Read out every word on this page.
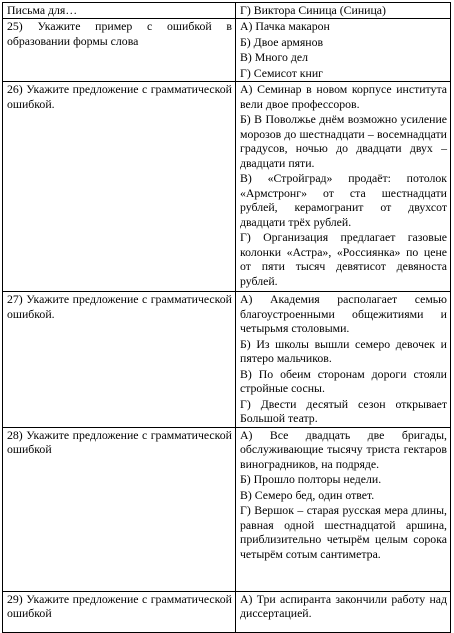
Письма для…	Г) Виктора Синица (Синица)
25) Укажите пример с ошибкой в образовании формы слова	А) Пачка макарон
Б) Двое армянов
В) Много дел
Г) Семисот книг

26) Укажите предложение с грамматической ошибкой.	А) Семинар в новом корпусе института вели двое профессоров.
Б) В Поволжье днём возможно усиление морозов до шестнадцати – восемнадцати градусов, ночью до двадцати двух – двадцати пяти.
В) «Стройград» продаёт: потолок «Армстронг» от ста шестнадцати рублей, керамогранит от двухсот двадцати трёх рублей.
Г) Организация предлагает газовые колонки «Астра», «Россиянка» по цене от пяти тысяч девятисот девяноста рублей.

27) Укажите предложение с грамматической ошибкой.	А) Академия располагает семью благоустроенными общежитиями и четырьмя столовыми.
Б) Из школы вышли семеро девочек и пятеро мальчиков.
В) По обеим сторонам дороги стояли стройные сосны.
Г) Двести десятый сезон открывает Большой театр.

28) Укажите предложение с грамматической ошибкой	А) Все двадцать две бригады, обслуживающие тысячу триста гектаров виноградников, на подряде.
Б) Прошло полторы недели.
В) Семеро бед, один ответ.
Г) Вершок – старая русская мера длины, равная одной шестнадцатой аршина, приблизительно четырём целым сорока четырём сотым сантиметра.

29) Укажите предложение с грамматической ошибкой	А) Три аспиранта закончили работу над диссертацией.
